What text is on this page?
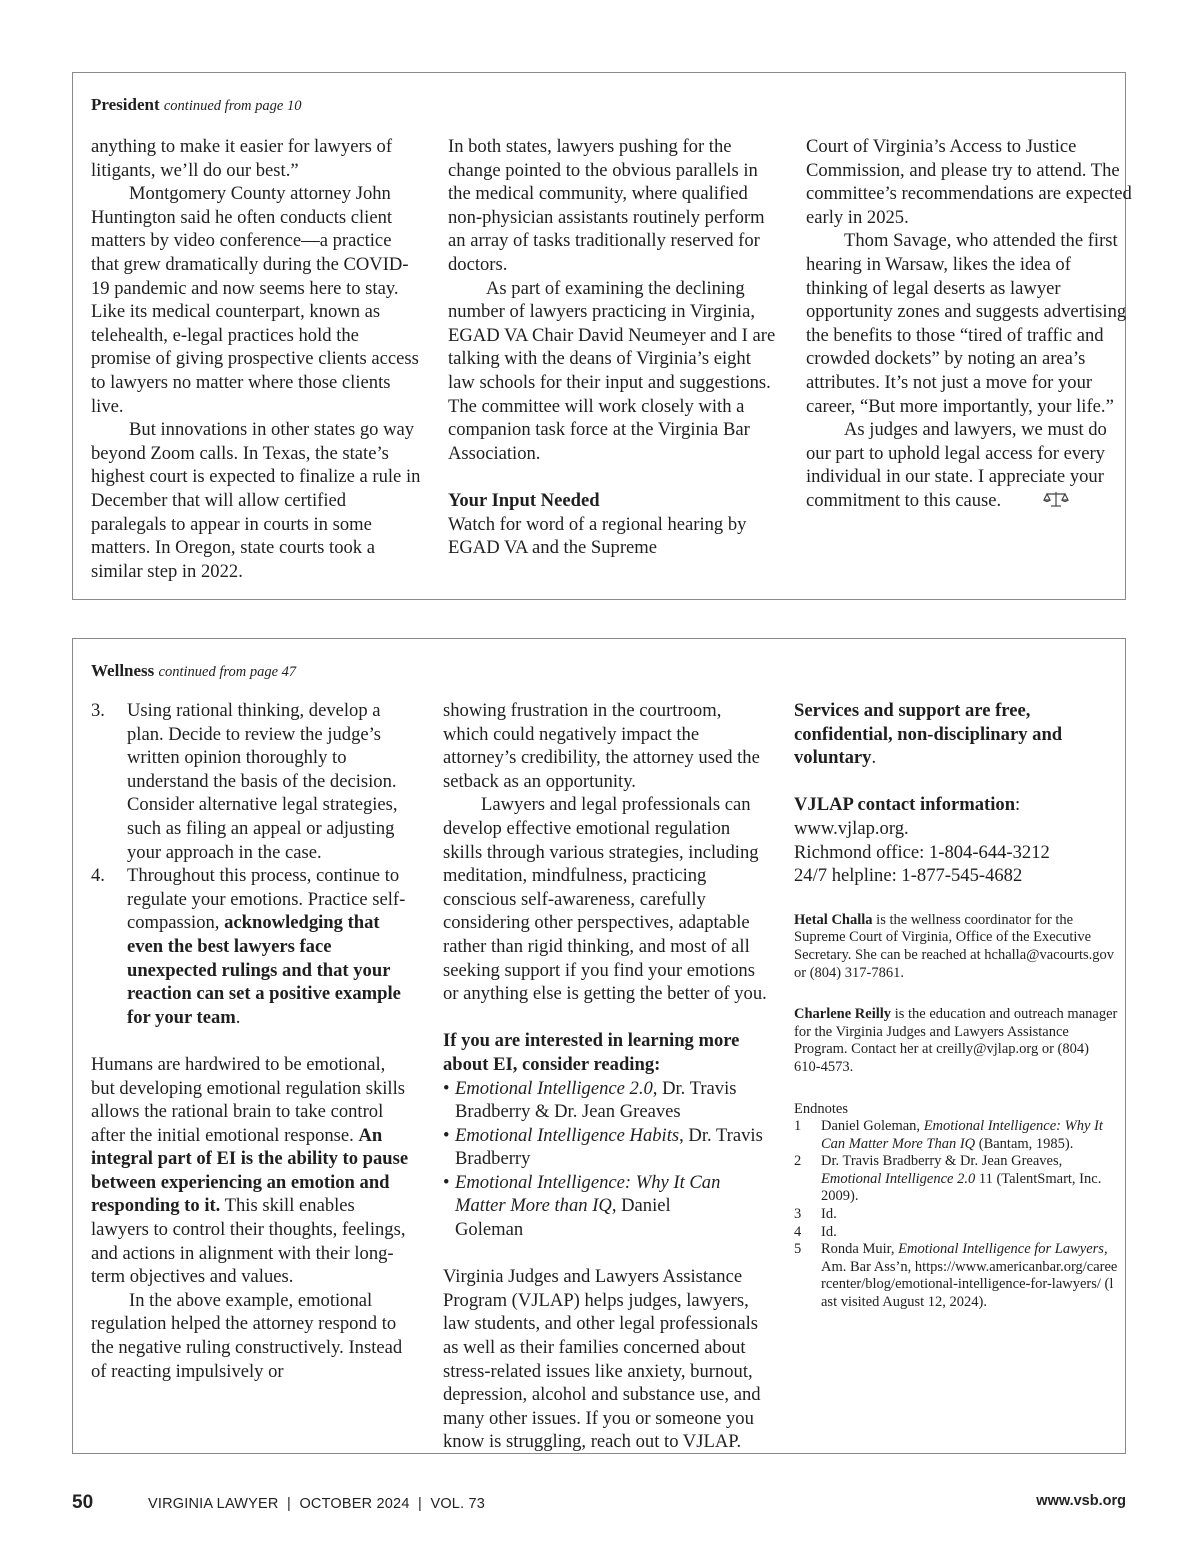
President continued from page 10

anything to make it easier for lawyers of litigants, we’ll do our best.”

Montgomery County attorney John Huntington said he often conducts client matters by video conference—a practice that grew dramatically during the COVID-19 pandemic and now seems here to stay. Like its medical counterpart, known as telehealth, e-legal practices hold the promise of giving prospective clients access to lawyers no matter where those clients live.

But innovations in other states go way beyond Zoom calls. In Texas, the state’s highest court is expected to finalize a rule in December that will allow certified paralegals to appear in courts in some matters. In Oregon, state courts took a similar step in 2022.

In both states, lawyers pushing for the change pointed to the obvious parallels in the medical community, where qualified non-physician assistants routinely perform an array of tasks traditionally reserved for doctors.

As part of examining the declining number of lawyers practicing in Virginia, EGAD VA Chair David Neumeyer and I are talking with the deans of Virginia’s eight law schools for their input and suggestions. The committee will work closely with a companion task force at the Virginia Bar Association.

Your Input Needed

Watch for word of a regional hearing by EGAD VA and the Supreme

Court of Virginia’s Access to Justice Commission, and please try to attend. The committee’s recommendations are expected early in 2025.

Thom Savage, who attended the first hearing in Warsaw, likes the idea of thinking of legal deserts as lawyer opportunity zones and suggests advertising the benefits to those “tired of traffic and crowded dockets” by noting an area’s attributes. It’s not just a move for your career, “But more importantly, your life.”

As judges and lawyers, we must do our part to uphold legal access for every individual in our state. I appreciate your commitment to this cause.

Wellness continued from page 47
3. Using rational thinking, develop a plan. Decide to review the judge’s written opinion thoroughly to understand the basis of the decision. Consider alternative legal strategies, such as filing an appeal or adjusting your approach in the case.
4. Throughout this process, continue to regulate your emotions. Practice self-compassion, acknowledging that even the best lawyers face unexpected rulings and that your reaction can set a positive example for your team.

Humans are hardwired to be emotional, but developing emotional regulation skills allows the rational brain to take control after the initial emotional response. An integral part of EI is the ability to pause between experiencing an emotion and responding to it. This skill enables lawyers to control their thoughts, feelings, and actions in alignment with their long-term objectives and values.

In the above example, emotional regulation helped the attorney respond to the negative ruling constructively. Instead of reacting impulsively or

showing frustration in the courtroom, which could negatively impact the attorney’s credibility, the attorney used the setback as an opportunity.

Lawyers and legal professionals can develop effective emotional regulation skills through various strategies, including meditation, mindfulness, practicing conscious self-awareness, carefully considering other perspectives, adaptable rather than rigid thinking, and most of all seeking support if you find your emotions or anything else is getting the better of you.

If you are interested in learning more about EI, consider reading:

• Emotional Intelligence 2.0, Dr. Travis Bradberry & Dr. Jean Greaves
• Emotional Intelligence Habits, Dr. Travis Bradberry
• Emotional Intelligence: Why It Can Matter More than IQ, Daniel Goleman

Virginia Judges and Lawyers Assistance Program (VJLAP) helps judges, lawyers, law students, and other legal professionals as well as their families concerned about stress-related issues like anxiety, burnout, depression, alcohol and substance use, and many other issues. If you or someone you know is struggling, reach out to VJLAP.

Services and support are free, confidential, non-disciplinary and voluntary.

VJLAP contact information:

www.vjlap.org.

Richmond office: 1-804-644-3212

24/7 helpline: 1-877-545-4682

Hetal Challa is the wellness coordinator for the Supreme Court of Virginia, Office of the Executive Secretary. She can be reached at hchalla@vacourts.gov or (804) 317-7861.

Charlene Reilly is the education and outreach manager for the Virginia Judges and Lawyers Assistance Program. Contact her at creilly@vjlap.org or (804) 610-4573.

Endnotes

1 Daniel Goleman, Emotional Intelligence: Why It Can Matter More Than IQ (Bantam, 1985).
2 Dr. Travis Bradberry & Dr. Jean Greaves, Emotional Intelligence 2.0 11 (TalentSmart, Inc. 2009).
3 Id.
4 Id.
5 Ronda Muir, Emotional Intelligence for Lawyers, Am. Bar Ass’n, https://www.americanbar.org/careercenter/blog/emotional-intelligence-for-lawyers/ (last visited August 12, 2024).
50	VIRGINIA LAWYER  |  OCTOBER 2024  |  VOL. 73	www.vsb.org
